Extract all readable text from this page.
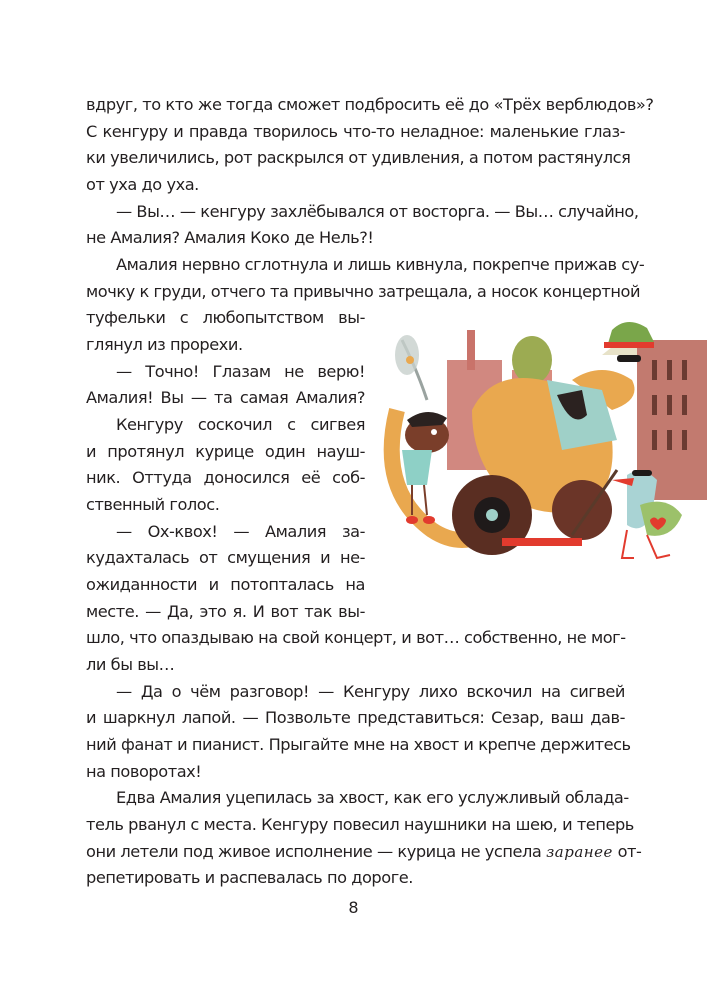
вдруг, то кто же тогда сможет подбросить её до «Трёх верблюдов»?
С кенгуру и правда творилось что-то неладное: маленькие глаз-
ки увеличились, рот раскрылся от удивления, а потом растянулся
от уха до уха.
— Вы… — кенгуру захлёбывался от восторга. — Вы… случайно,
не Амалия? Амалия Коко де Нель?!
Амалия нервно сглотнула и лишь кивнула, покрепче прижав су-
мочку к груди, отчего та привычно затрещала, а носок концертной
туфельки с любопытством вы-
глянул из прорехи.
— Точно! Глазам не верю!
Амалия! Вы — та самая Амалия?
Кенгуру соскочил с сигвея
и протянул курице один науш-
ник. Оттуда доносился её соб-
ственный голос.
— Ох-квох! — Амалия за-
кудахталась от смущения и не-
ожиданности и потопталась на
месте. — Да, это я. И вот так вы-
шло, что опаздываю на свой концерт, и вот… собственно, не мог-
ли бы вы…
— Да о чём разговор! — Кенгуру лихо вскочил на сигвей
и шаркнул лапой. — Позвольте представиться: Сезар, ваш дав-
ний фанат и пианист. Прыгайте мне на хвост и крепче держитесь
на поворотах!
Едва Амалия уцепилась за хвост, как его услужливый облада-
тель рванул с места. Кенгуру повесил наушники на шею, и теперь
они летели под живое исполнение — курица не успела заранее от-
репетировать и распевалась по дороге.
8
